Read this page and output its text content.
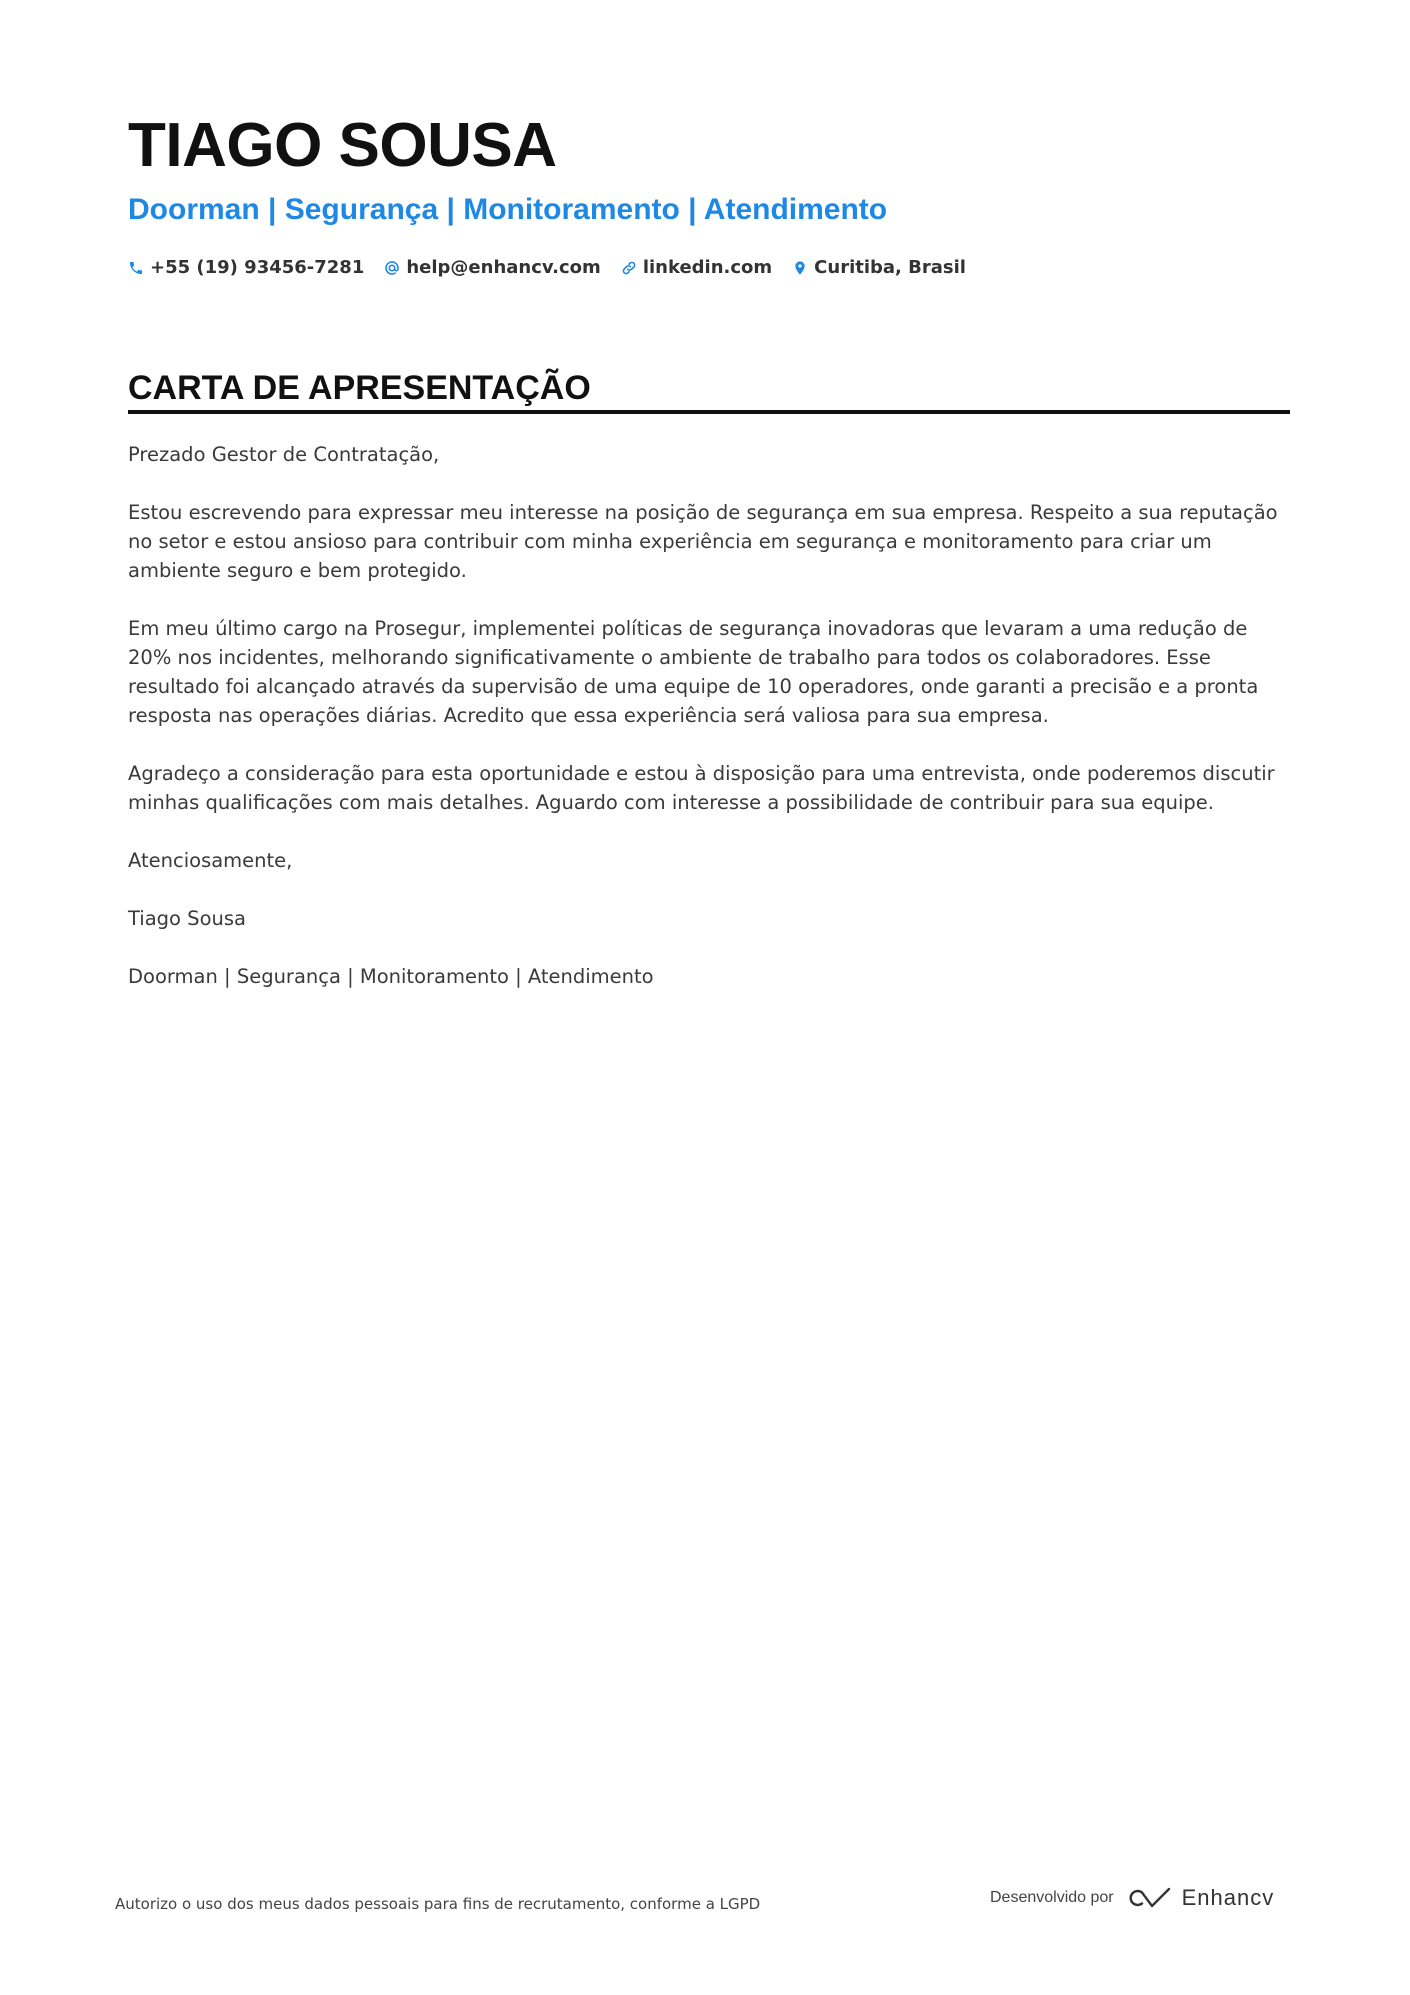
TIAGO SOUSA
Doorman | Segurança | Monitoramento | Atendimento
+55 (19) 93456-7281 help@enhancv.com linkedin.com Curitiba, Brasil
CARTA DE APRESENTAÇÃO

Prezado Gestor de Contratação,

Estou escrevendo para expressar meu interesse na posição de segurança em sua empresa. Respeito a sua reputação no setor e estou ansioso para contribuir com minha experiência em segurança e monitoramento para criar um ambiente seguro e bem protegido.

Em meu último cargo na Prosegur, implementei políticas de segurança inovadoras que levaram a uma redução de 20% nos incidentes, melhorando significativamente o ambiente de trabalho para todos os colaboradores. Esse resultado foi alcançado através da supervisão de uma equipe de 10 operadores, onde garanti a precisão e a pronta resposta nas operações diárias. Acredito que essa experiência será valiosa para sua empresa.

Agradeço a consideração para esta oportunidade e estou à disposição para uma entrevista, onde poderemos discutir minhas qualificações com mais detalhes. Aguardo com interesse a possibilidade de contribuir para sua equipe.

Atenciosamente,

Tiago Sousa

Doorman | Segurança | Monitoramento | Atendimento

Autorizo o uso dos meus dados pessoais para fins de recrutamento, conforme a LGPD	Desenvolvido por	Enhancv
